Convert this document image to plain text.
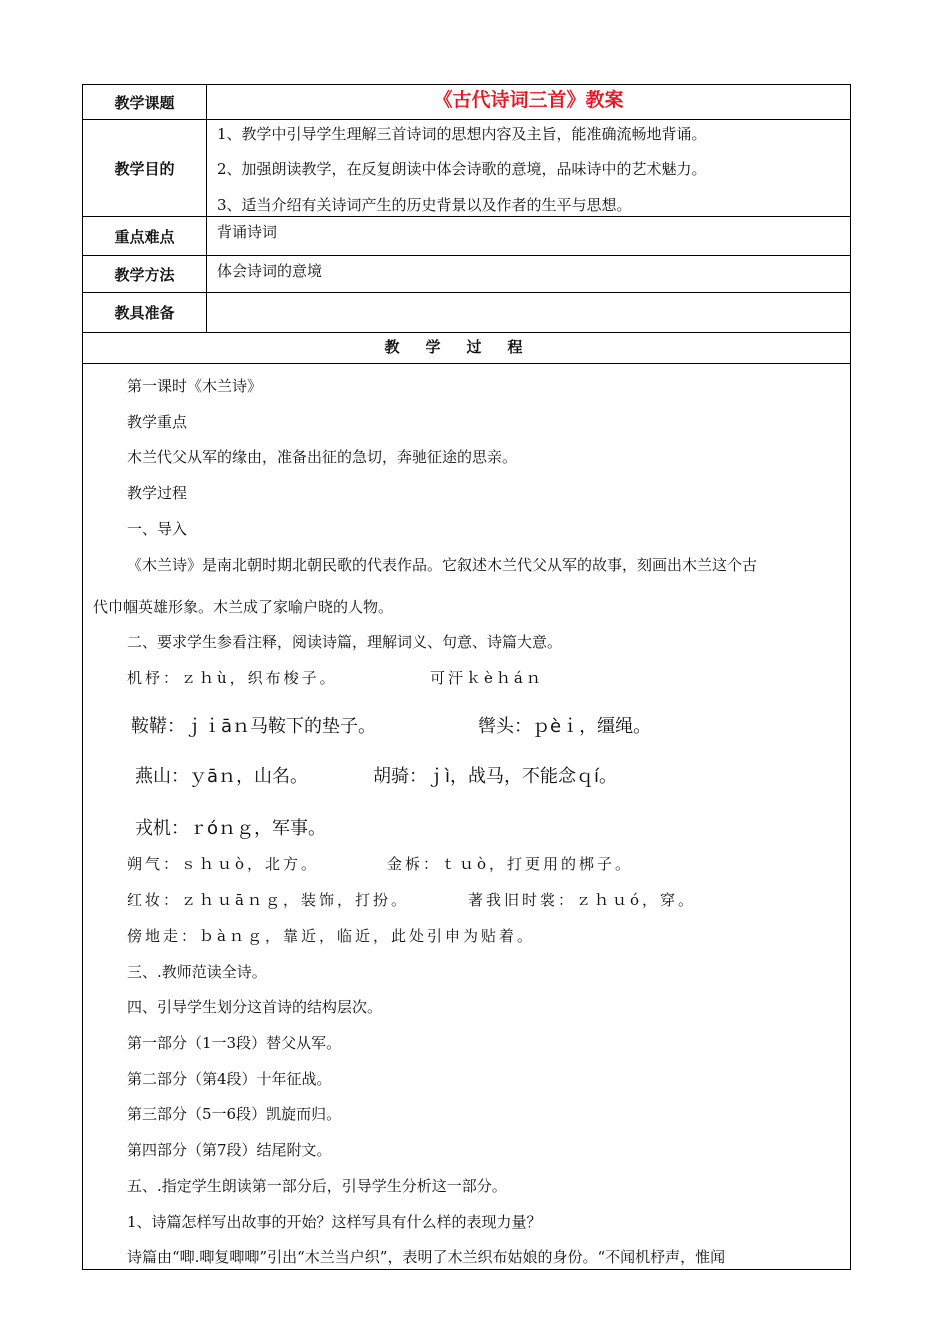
教学课题	《古代诗词三首》教案
教学目的
1、教学中引导学生理解三首诗词的思想内容及主旨，能准确流畅地背诵。
2、加强朗读教学，在反复朗读中体会诗歌的意境，品味诗中的艺术魅力。
3、适当介绍有关诗词产生的历史背景以及作者的生平与思想。
重点难点	背诵诗词
教学方法	体会诗词的意境
教具准备
教学过程
第一课时《木兰诗》
教学重点
木兰代父从军的缘由，准备出征的急切，奔驰征途的思亲。
教学过程
一、导入
《木兰诗》是南北朝时期北朝民歌的代表作品。它叙述木兰代父从军的故事，刻画出木兰这个古
代巾帼英雄形象。木兰成了家喻户晓的人物。
二、要求学生参看注释，阅读诗篇，理解词义、句意、诗篇大意。
机杼：ｚｈù，织布梭子。	可汗ｋèｈáｎ
鞍鞯：ｊｉāｎ马鞍下的垫子。	辔头：ｐèｉ，缰绳。
燕山：ｙāｎ，山名。	胡骑：ｊì，战马，不能念ｑí。
戎机：ｒóｎｇ，军事。
朔气：ｓｈｕò，北方。	金柝：ｔｕò，打更用的梆子。
红妆：ｚｈｕāｎｇ，装饰，打扮。	著我旧时裳：ｚｈｕó，穿。
傍地走：ｂàｎｇ，靠近，临近，此处引申为贴着。
三、.教师范读全诗。
四、引导学生划分这首诗的结构层次。
第一部分（1一3段）替父从军。
第二部分（第4段）十年征战。
第三部分（5一6段）凯旋而归。
第四部分（第7段）结尾附文。
五、.指定学生朗读第一部分后，引导学生分析这一部分。
1、诗篇怎样写出故事的开始？这样写具有什么样的表现力量？
诗篇由“唧.唧复唧唧”引出“木兰当户织”，表明了木兰织布姑娘的身份。“不闻机杼声，惟闻
